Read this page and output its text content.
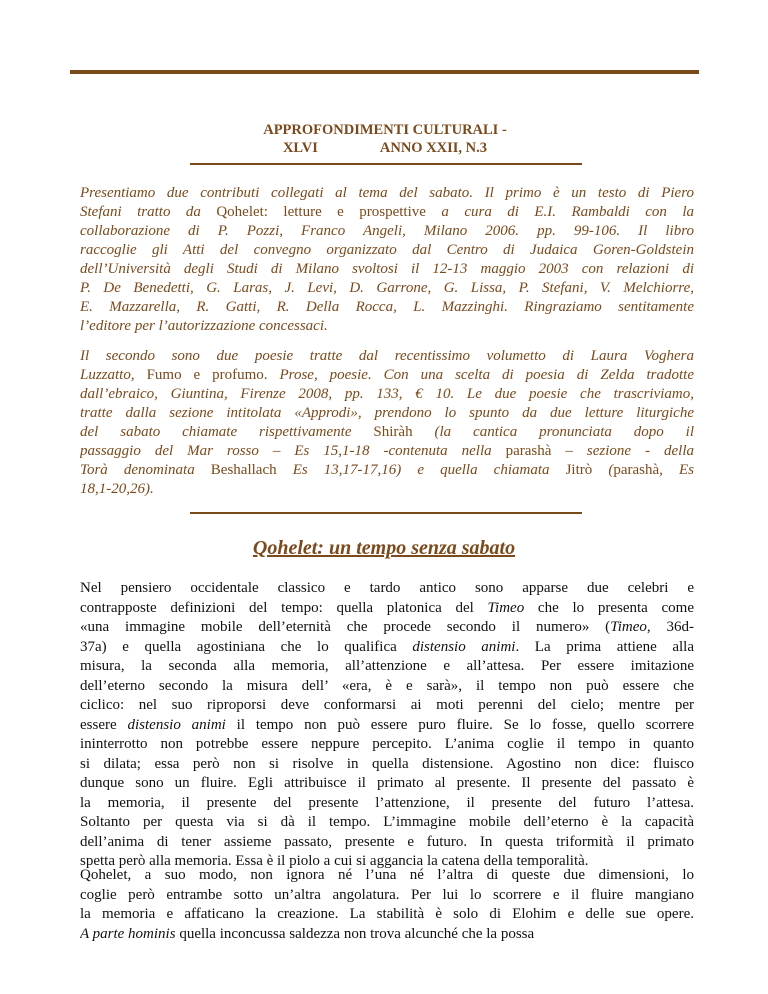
APPROFONDIMENTI CULTURALI -
XLVI	ANNO XXII, N.3
Presentiamo due contributi collegati al tema del sabato. Il primo è un testo di Piero
Stefani tratto da Qohelet: letture e prospettive a cura di E.I. Rambaldi con la
collaborazione di P. Pozzi, Franco Angeli, Milano 2006. pp. 99-106. Il libro
raccoglie gli Atti del convegno organizzato dal Centro di Judaica Goren-Goldstein
dell’Università degli Studi di Milano svoltosi il 12-13 maggio 2003 con relazioni di
P. De Benedetti, G. Laras, J. Levi, D. Garrone, G. Lissa, P. Stefani, V. Melchiorre,
E. Mazzarella, R. Gatti, R. Della Rocca, L. Mazzinghi. Ringraziamo sentitamente
l’editore per l’autorizzazione concessaci.
Il secondo sono due poesie tratte dal recentissimo volumetto di Laura Voghera
Luzzatto, Fumo e profumo. Prose, poesie. Con una scelta di poesia di Zelda tradotte
dall’ebraico, Giuntina, Firenze 2008, pp. 133, € 10. Le due poesie che trascriviamo,
tratte dalla sezione intitolata «Approdi», prendono lo spunto da due letture liturgiche
del sabato chiamate rispettivamente Shiràh (la cantica pronunciata dopo il
passaggio del Mar rosso – Es 15,1-18 -contenuta nella parashà – sezione - della
Torà denominata Beshallach Es 13,17-17,16) e quella chiamata Jitrò (parashà, Es
18,1-20,26).
Qohelet: un tempo senza sabato
Nel pensiero occidentale classico e tardo antico sono apparse due celebri e
contrapposte definizioni del tempo: quella platonica del Timeo che lo presenta come
«una immagine mobile dell’eternità che procede secondo il numero» (Timeo, 36d-
37a) e quella agostiniana che lo qualifica distensio animi. La prima attiene alla
misura, la seconda alla memoria, all’attenzione e all’attesa. Per essere imitazione
dell’eterno secondo la misura dell’ «era, è e sarà», il tempo non può essere che
ciclico: nel suo riproporsi deve conformarsi ai moti perenni del cielo; mentre per
essere distensio animi il tempo non può essere puro fluire. Se lo fosse, quello scorrere
ininterrotto non potrebbe essere neppure percepito. L’anima coglie il tempo in quanto
si dilata; essa però non si risolve in quella distensione. Agostino non dice: fluisco
dunque sono un fluire. Egli attribuisce il primato al presente. Il presente del passato è
la memoria, il presente del presente l’attenzione, il presente del futuro l’attesa.
Soltanto per questa via si dà il tempo. L’immagine mobile dell’eterno è la capacità
dell’anima di tener assieme passato, presente e futuro. In questa triformità il primato
spetta però alla memoria. Essa è il piolo a cui si aggancia la catena della temporalità.
Qohelet, a suo modo, non ignora né l’una né l’altra di queste due dimensioni, lo
coglie però entrambe sotto un’altra angolatura. Per lui lo scorrere e il fluire mangiano
la memoria e affaticano la creazione. La stabilità è solo di Elohim e delle sue opere.
A parte hominis quella inconcussa saldezza non trova alcunché che la possa
